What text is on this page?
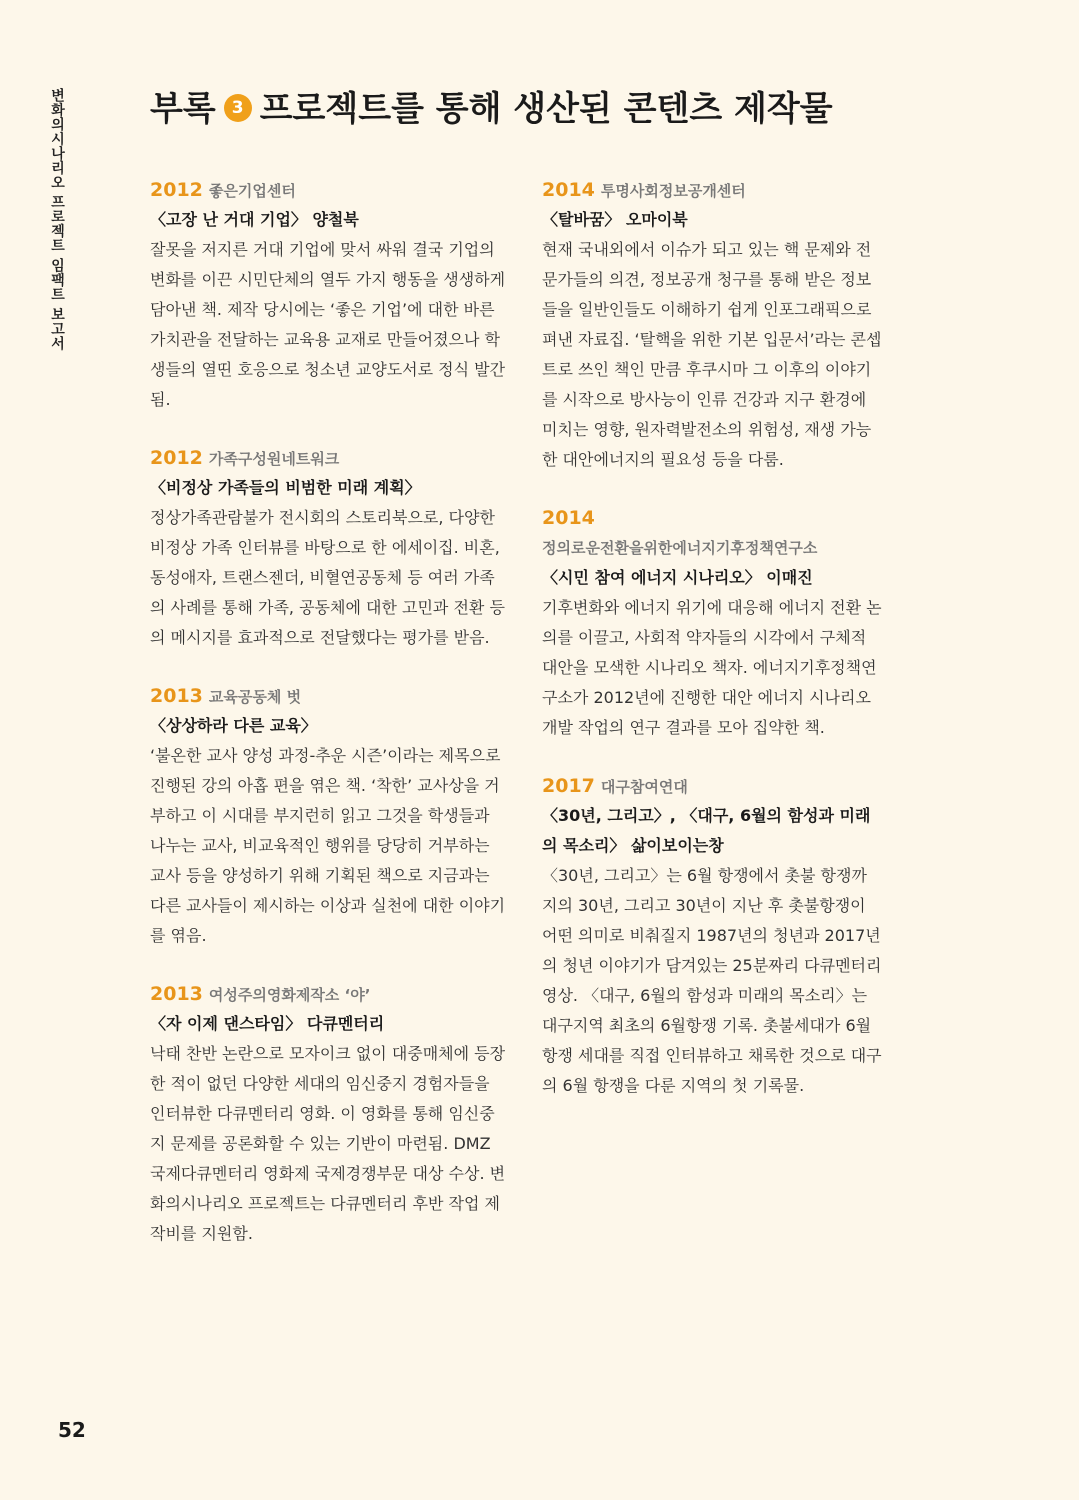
변화의시나리오 프로젝트 임팩트 보고서	부록 3 프로젝트를 통해 생산된 콘텐츠 제작물
2012 좋은기업센터
〈고장 난 거대 기업〉 양철북
잘못을 저지른 거대 기업에 맞서 싸워 결국 기업의 변화를 이끈 시민단체의 열두 가지 행동을 생생하게 담아낸 책. 제작 당시에는 ‘좋은 기업’에 대한 바른 가치관을 전달하는 교육용 교재로 만들어졌으나 학생들의 열띤 호응으로 청소년 교양도서로 정식 발간됨.
2012 가족구성원네트워크
〈비정상 가족들의 비범한 미래 계획〉
정상가족관람불가 전시회의 스토리북으로, 다양한 비정상 가족 인터뷰를 바탕으로 한 에세이집. 비혼, 동성애자, 트랜스젠더, 비혈연공동체 등 여러 가족의 사례를 통해 가족, 공동체에 대한 고민과 전환 등의 메시지를 효과적으로 전달했다는 평가를 받음.
2013 교육공동체 벗
〈상상하라 다른 교육〉
‘불온한 교사 양성 과정-추운 시즌’이라는 제목으로 진행된 강의 아홉 편을 엮은 책. ‘착한’ 교사상을 거부하고 이 시대를 부지런히 읽고 그것을 학생들과 나누는 교사, 비교육적인 행위를 당당히 거부하는 교사 등을 양성하기 위해 기획된 책으로 지금과는 다른 교사들이 제시하는 이상과 실천에 대한 이야기를 엮음.
2013 여성주의영화제작소 ‘야’
〈자 이제 댄스타임〉 다큐멘터리
낙태 찬반 논란으로 모자이크 없이 대중매체에 등장한 적이 없던 다양한 세대의 임신중지 경험자들을 인터뷰한 다큐멘터리 영화. 이 영화를 통해 임신중지 문제를 공론화할 수 있는 기반이 마련됨. DMZ 국제다큐멘터리 영화제 국제경쟁부문 대상 수상. 변화의시나리오 프로젝트는 다큐멘터리 후반 작업 제작비를 지원함.
2014 투명사회정보공개센터
〈탈바꿈〉 오마이북
현재 국내외에서 이슈가 되고 있는 핵 문제와 전문가들의 의견, 정보공개 청구를 통해 받은 정보들을 일반인들도 이해하기 쉽게 인포그래픽으로 펴낸 자료집. ‘탈핵을 위한 기본 입문서’라는 콘셉트로 쓰인 책인 만큼 후쿠시마 그 이후의 이야기를 시작으로 방사능이 인류 건강과 지구 환경에 미치는 영향, 원자력발전소의 위험성, 재생 가능한 대안에너지의 필요성 등을 다룸.
2014
정의로운전환을위한에너지기후정책연구소
〈시민 참여 에너지 시나리오〉 이매진
기후변화와 에너지 위기에 대응해 에너지 전환 논의를 이끌고, 사회적 약자들의 시각에서 구체적 대안을 모색한 시나리오 책자. 에너지기후정책연구소가 2012년에 진행한 대안 에너지 시나리오 개발 작업의 연구 결과를 모아 집약한 책.
2017 대구참여연대
〈30년, 그리고〉, 〈대구, 6월의 함성과 미래의 목소리〉 삶이보이는창
〈30년, 그리고〉는 6월 항쟁에서 촛불 항쟁까지의 30년, 그리고 30년이 지난 후 촛불항쟁이 어떤 의미로 비춰질지 1987년의 청년과 2017년의 청년 이야기가 담겨있는 25분짜리 다큐멘터리 영상. 〈대구, 6월의 함성과 미래의 목소리〉는 대구지역 최초의 6월항쟁 기록. 촛불세대가 6월항쟁 세대를 직접 인터뷰하고 채록한 것으로 대구의 6월 항쟁을 다룬 지역의 첫 기록물.
52
